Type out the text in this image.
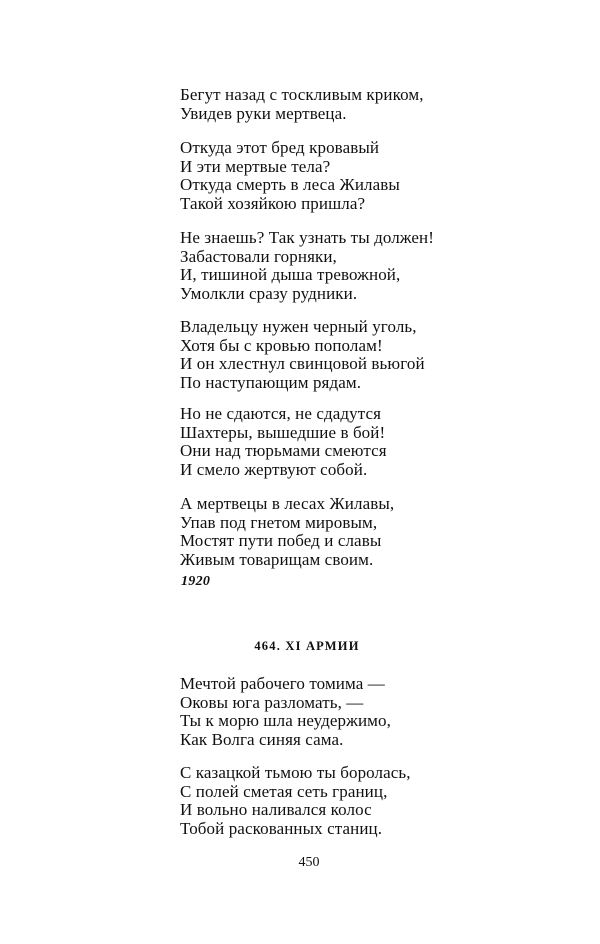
Бегут назад с тоскливым криком,
Увидев руки мертвеца.
Откуда этот бред кровавый
И эти мертвые тела?
Откуда смерть в леса Жилавы
Такой хозяйкою пришла?
Не знаешь? Так узнать ты должен!
Забастовали горняки,
И, тишиной дыша тревожной,
Умолкли сразу рудники.
Владельцу нужен черный уголь,
Хотя бы с кровью пополам!
И он хлестнул свинцовой вьюгой
По наступающим рядам.
Но не сдаются, не сдадутся
Шахтеры, вышедшие в бой!
Они над тюрьмами смеются
И смело жертвуют собой.
А мертвецы в лесах Жилавы,
Упав под гнетом мировым,
Мостят пути побед и славы
Живым товарищам своим.
1920
464. XI АРМИИ
Мечтой рабочего томима —
Оковы юга разломать, —
Ты к морю шла неудержимо,
Как Волга синяя сама.
С казацкой тьмою ты боролась,
С полей сметая сеть границ,
И вольно наливался колос
Тобой раскованных станиц.
450
